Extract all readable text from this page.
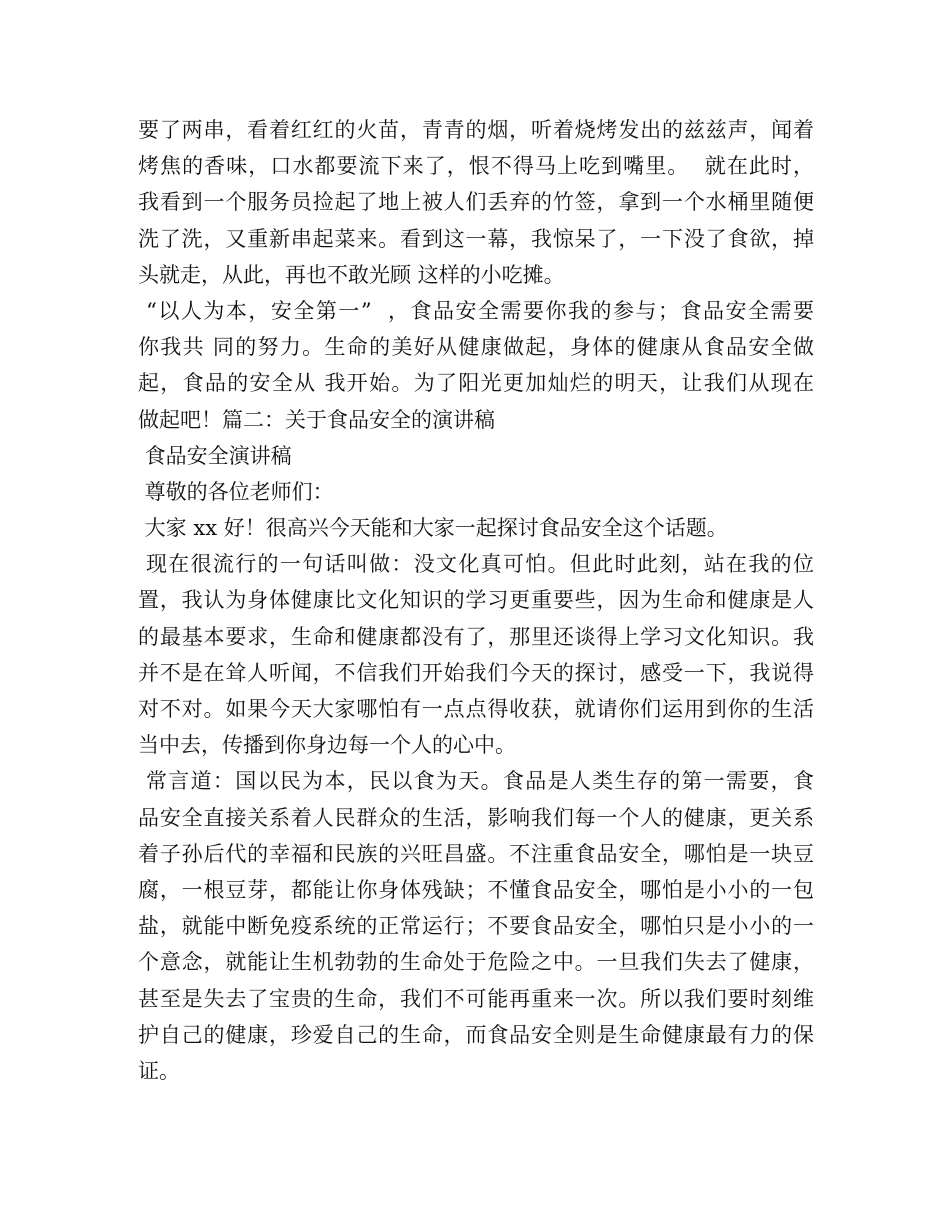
要了两串，看着红红的火苗，青青的烟，听着烧烤发出的兹兹声，闻着
烤焦的香味，口水都要流下来了，恨不得马上吃到嘴里。  就在此时，
我看到一个服务员捡起了地上被人们丢弃的竹签，拿到一个水桶里随便
洗了洗，又重新串起菜来。看到这一幕，我惊呆了，一下没了食欲，掉
头就走，从此，再也不敢光顾 这样的小吃摊。
“以人为本，安全第一”  ，食品安全需要你我的参与；食品安全需要
你我共 同的努力。生命的美好从健康做起，身体的健康从食品安全做
起，食品的安全从 我开始。为了阳光更加灿烂的明天，让我们从现在
做起吧！篇二：关于食品安全的演讲稿
食品安全演讲稿
尊敬的各位老师们：
大家 xx 好！很高兴今天能和大家一起探讨食品安全这个话题。
现在很流行的一句话叫做：没文化真可怕。但此时此刻，站在我的位
置，我认为身体健康比文化知识的学习更重要些，因为生命和健康是人
的最基本要求，生命和健康都没有了，那里还谈得上学习文化知识。我
并不是在耸人听闻，不信我们开始我们今天的探讨，感受一下，我说得
对不对。如果今天大家哪怕有一点点得收获，就请你们运用到你的生活
当中去，传播到你身边每一个人的心中。
常言道：国以民为本，民以食为天。食品是人类生存的第一需要，食
品安全直接关系着人民群众的生活，影响我们每一个人的健康，更关系
着子孙后代的幸福和民族的兴旺昌盛。不注重食品安全，哪怕是一块豆
腐，一根豆芽，都能让你身体残缺；不懂食品安全，哪怕是小小的一包
盐，就能中断免疫系统的正常运行；不要食品安全，哪怕只是小小的一
个意念，就能让生机勃勃的生命处于危险之中。一旦我们失去了健康，
甚至是失去了宝贵的生命，我们不可能再重来一次。所以我们要时刻维
护自己的健康，珍爱自己的生命，而食品安全则是生命健康最有力的保
证。
